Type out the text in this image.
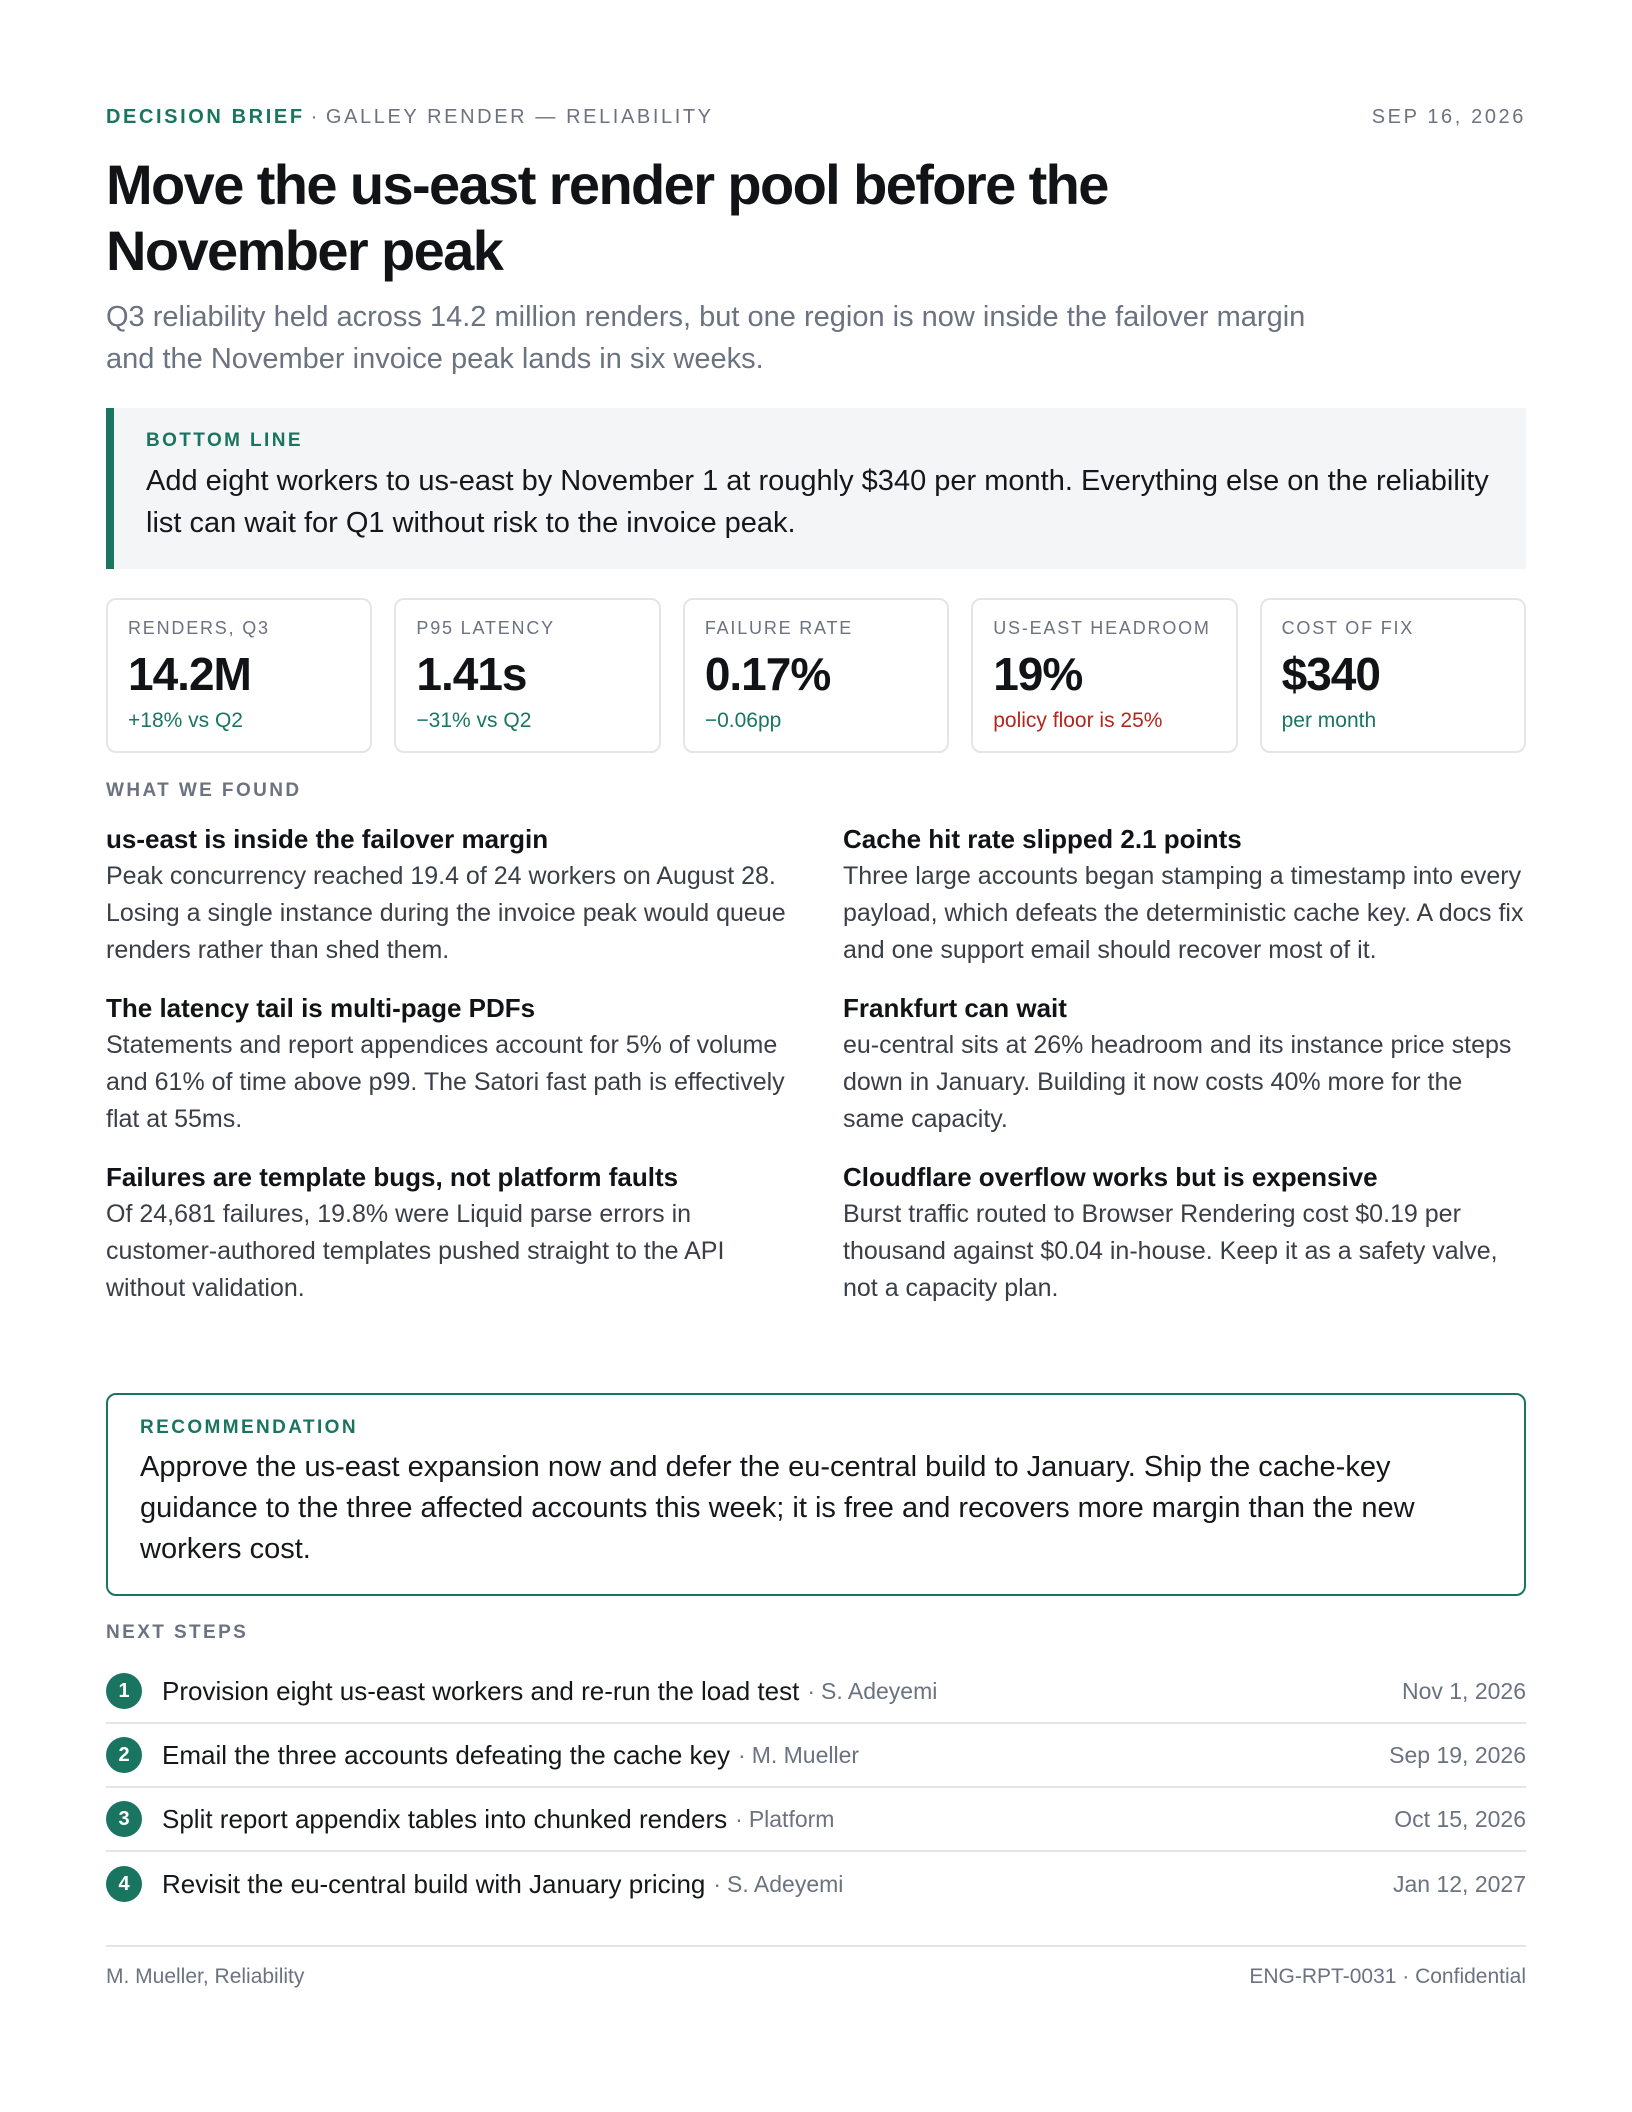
DECISION BRIEF · GALLEY RENDER — RELIABILITY	SEP 16, 2026
Move the us-east render pool before the November peak

Q3 reliability held across 14.2 million renders, but one region is now inside the failover margin and the November invoice peak lands in six weeks.

BOTTOM LINE
Add eight workers to us-east by November 1 at roughly $340 per month. Everything else on the reliability list can wait for Q1 without risk to the invoice peak.
RENDERS, Q3
14.2M
+18% vs Q2
P95 LATENCY
1.41s
−31% vs Q2
FAILURE RATE
0.17%
−0.06pp
US-EAST HEADROOM
19%
policy floor is 25%
COST OF FIX
$340
per month
WHAT WE FOUND
us-east is inside the failover margin
Peak concurrency reached 19.4 of 24 workers on August 28. Losing a single instance during the invoice peak would queue renders rather than shed them.
The latency tail is multi-page PDFs
Statements and report appendices account for 5% of volume and 61% of time above p99. The Satori fast path is effectively flat at 55ms.
Failures are template bugs, not platform faults
Of 24,681 failures, 19.8% were Liquid parse errors in customer-authored templates pushed straight to the API without validation.
Cache hit rate slipped 2.1 points
Three large accounts began stamping a timestamp into every payload, which defeats the deterministic cache key. A docs fix and one support email should recover most of it.
Frankfurt can wait
eu-central sits at 26% headroom and its instance price steps down in January. Building it now costs 40% more for the same capacity.
Cloudflare overflow works but is expensive
Burst traffic routed to Browser Rendering cost $0.19 per thousand against $0.04 in-house. Keep it as a safety valve, not a capacity plan.
RECOMMENDATION
Approve the us-east expansion now and defer the eu-central build to January. Ship the cache-key guidance to the three affected accounts this week; it is free and recovers more margin than the new workers cost.
NEXT STEPS
1	Provision eight us-east workers and re-run the load test · S. Adeyemi	Nov 1, 2026
2	Email the three accounts defeating the cache key · M. Mueller	Sep 19, 2026
3	Split report appendix tables into chunked renders · Platform	Oct 15, 2026
4	Revisit the eu-central build with January pricing · S. Adeyemi	Jan 12, 2027
M. Mueller, Reliability	ENG-RPT-0031 · Confidential
